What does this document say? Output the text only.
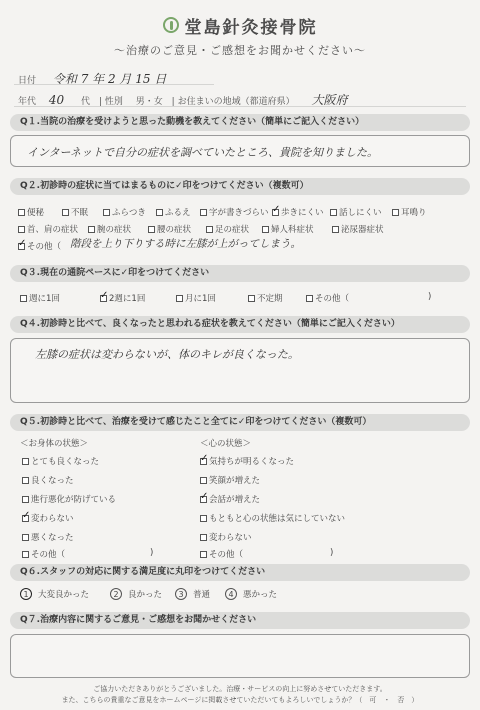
堂島針灸接骨院
〜治療のご意見・ご感想をお聞かせください〜
日付 令和 7 年 2 月 15 日
年代 40 代 | 性別 男・女 | お住まいの地域（都道府県） 大阪府
Q１.当院の治療を受けようと思った動機を教えてください（簡単にご記入ください）
インターネットで自分の症状を調べていたところ、貴院を知りました。
Q２.初診時の症状に当てはまるものに✓印をつけてください（複数可）
便秘	不眠	ふらつき ふるえ 字が書きづらい ✓ 歩きにくい 話しにくい 耳鳴り
首、肩の症状 腕の症状	腰の症状	足の症状	婦人科症状	泌尿器症状
✓
その他（ 階段を上り下りする時に左膝が上がってしまう。
Q３.現在の通院ペースに✓印をつけてください
週に1回 ✓	2週に1回	月に1回	不定期	その他（	)
Q４.初診時と比べて、良くなったと思われる症状を教えてください（簡単にご記入ください）
左膝の症状は変わらないが、体のキレが良くなった。
Q５.初診時と比べて、治療を受けて感じたこと全てに✓印をつけてください（複数可）
＜お身体の状態＞	＜心の状態＞
とても良くなった
良くなった
進行悪化が防げている
✓
変わらない
悪くなった
その他（	)
✓
気持ちが明るくなった
笑顔が増えた
✓
会話が増えた
もともと心の状態は気にしていない
変わらない
その他（	)
Q６.スタッフの対応に関する満足度に丸印をつけてください
1	大変良かった	2	良かった	3	普通	4	悪かった
Q７.治療内容に関するご意見・ご感想をお聞かせください
ご協力いただきありがとうございました。治療・サービスの向上に努めさせていただきます。
また、こちらの貴重なご意見をホームページに掲載させていただいてもよろしいでしょうか？（　可　・　否　）
